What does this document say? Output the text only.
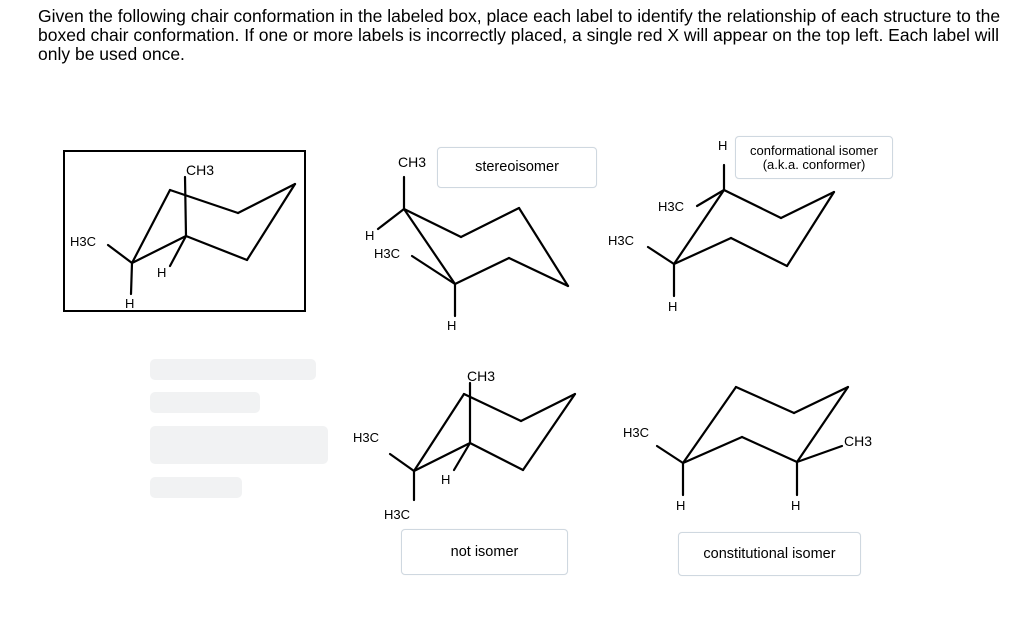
Given the following chair conformation in the labeled box, place each label to identify the relationship of each structure to the boxed chair conformation. If one or more labels is incorrectly placed, a single red X will appear on the top left. Each label will only be used once.

CH3
H3C
H
H
CH3
H
H3C
H
H
H3C
H3C
H
CH3
H3C
H
H3C
H3C
CH3
H	H
stereoisomer
conformational isomer
(a.k.a. conformer)
not isomer	constitutional isomer
